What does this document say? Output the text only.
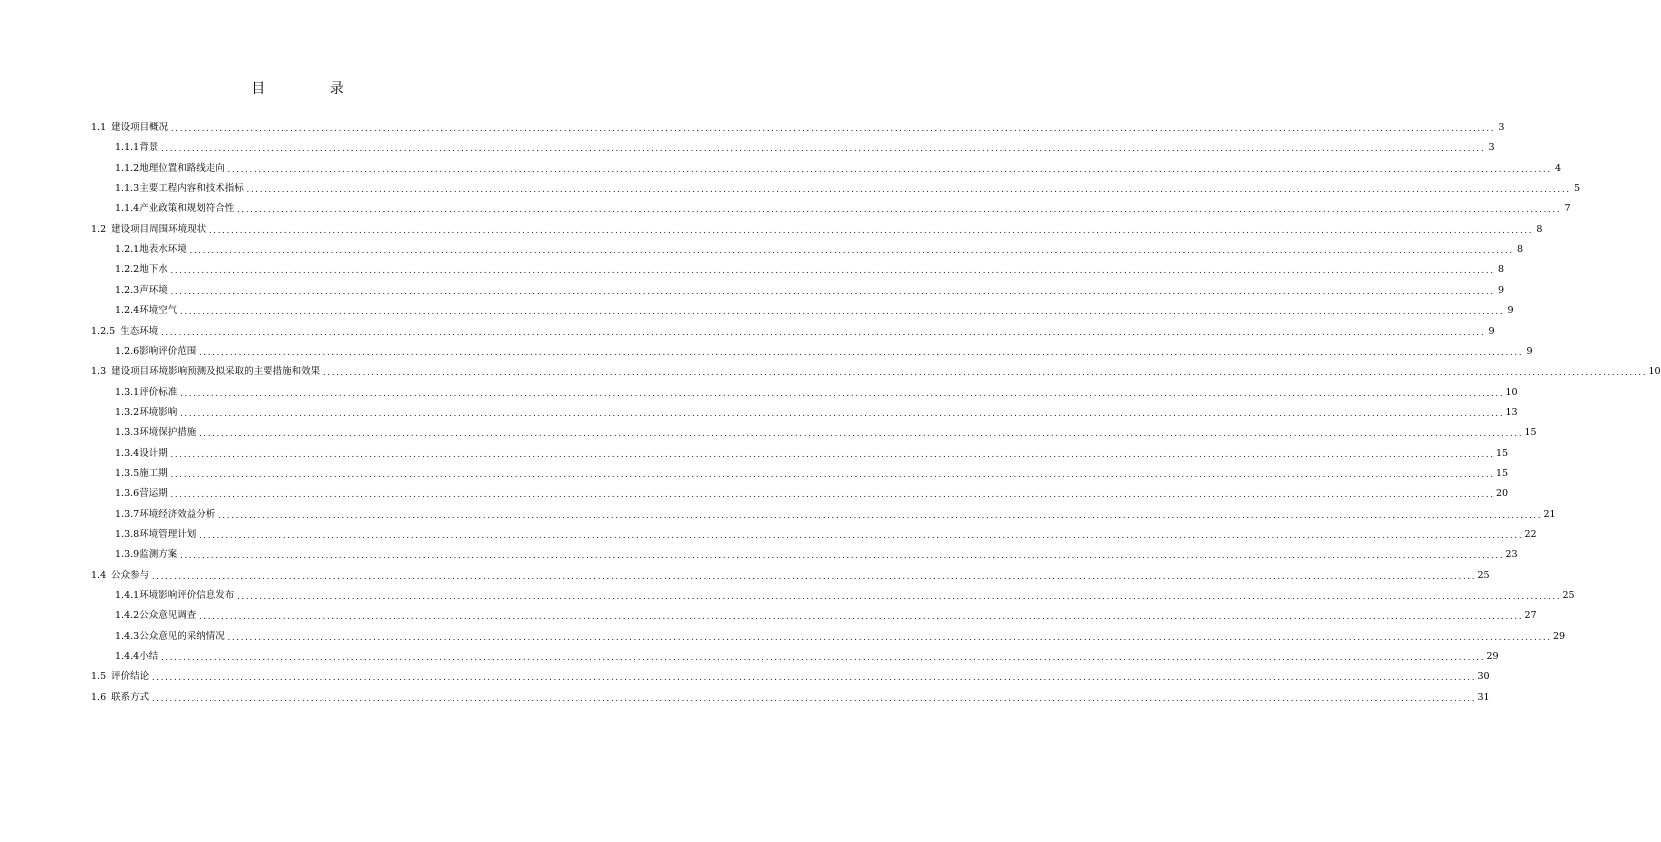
目 录
1.1 建设项目概况 ............................................................................................................................................................................................................................................................................................................ 3
1.1.1 背景 ............................................................................................................................................................................................................................................................................................................ 3
1.1.2 地理位置和路线走向 ............................................................................................................................................................................................................................................................................................................ 4
1.1.3 主要工程内容和技术指标 ............................................................................................................................................................................................................................................................................................................ 5
1.1.4 产业政策和规划符合性 ............................................................................................................................................................................................................................................................................................................ 7
1.2 建设项目周围环境现状 ............................................................................................................................................................................................................................................................................................................ 8
1.2.1 地表水环境 ............................................................................................................................................................................................................................................................................................................ 8
1.2.2 地下水 ............................................................................................................................................................................................................................................................................................................ 8
1.2.3 声环境 ............................................................................................................................................................................................................................................................................................................ 9
1.2.4 环境空气 ............................................................................................................................................................................................................................................................................................................ 9
1.2.5 生态环境 ............................................................................................................................................................................................................................................................................................................ 9
1.2.6 影响评价范围 ............................................................................................................................................................................................................................................................................................................ 9
1.3 建设项目环境影响预测及拟采取的主要措施和效果 ............................................................................................................................................................................................................................................................................................................ 10
1.3.1 评价标准 ............................................................................................................................................................................................................................................................................................................ 10
1.3.2 环境影响 ............................................................................................................................................................................................................................................................................................................ 13
1.3.3 环境保护措施 ............................................................................................................................................................................................................................................................................................................ 15
1.3.4 设计期 ............................................................................................................................................................................................................................................................................................................ 15
1.3.5 施工期 ............................................................................................................................................................................................................................................................................................................ 15
1.3.6 营运期 ............................................................................................................................................................................................................................................................................................................ 20
1.3.7 环境经济效益分析 ............................................................................................................................................................................................................................................................................................................ 21
1.3.8 环境管理计划 ............................................................................................................................................................................................................................................................................................................ 22
1.3.9 监测方案 ............................................................................................................................................................................................................................................................................................................ 23
1.4 公众参与 ............................................................................................................................................................................................................................................................................................................ 25
1.4.1 环境影响评价信息发布 ............................................................................................................................................................................................................................................................................................................ 25
1.4.2 公众意见调查 ............................................................................................................................................................................................................................................................................................................ 27
1.4.3 公众意见的采纳情况 ............................................................................................................................................................................................................................................................................................................ 29
1.4.4 小结 ............................................................................................................................................................................................................................................................................................................ 29
1.5 评价结论 ............................................................................................................................................................................................................................................................................................................ 30
1.6 联系方式 ............................................................................................................................................................................................................................................................................................................ 31
